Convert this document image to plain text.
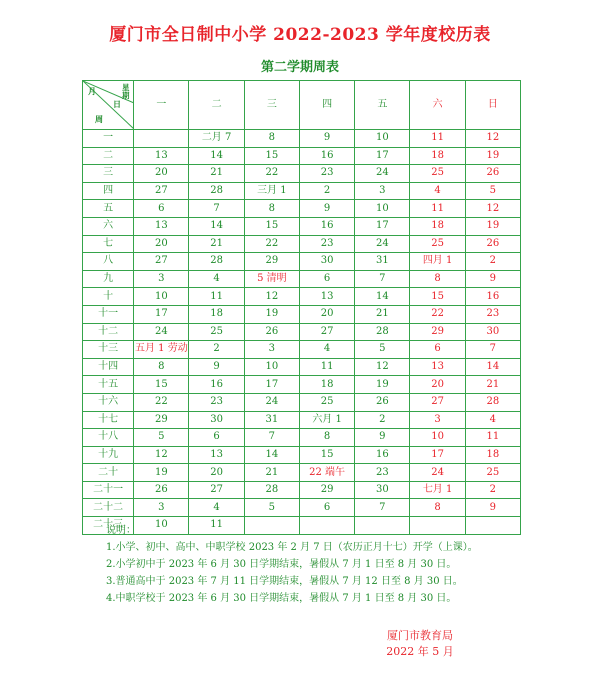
厦门市全日制中小学 2022-2023 学年度校历表
第二学期周表
月
日
周
星期	一	二	三	四	五	六	日
一		二月 7	8	9	10	11	12
二	13	14	15	16	17	18	19
三	20	21	22	23	24	25	26
四	27	28	三月 1	2	3	4	5
五	6	7	8	9	10	11	12
六	13	14	15	16	17	18	19
七	20	21	22	23	24	25	26
八	27	28	29	30	31	四月 1	2
九	3	4	5 清明	6	7	8	9
十	10	11	12	13	14	15	16
十一	17	18	19	20	21	22	23
十二	24	25	26	27	28	29	30
十三	五月 1 劳动	2	3	4	5	6	7
十四	8	9	10	11	12	13	14
十五	15	16	17	18	19	20	21
十六	22	23	24	25	26	27	28
十七	29	30	31	六月 1	2	3	4
十八	5	6	7	8	9	10	11
十九	12	13	14	15	16	17	18
二十	19	20	21	22 端午	23	24	25
二十一	26	27	28	29	30	七月 1	2
二十二	3	4	5	6	7	8	9
二十三	10	11					

说明：

1.小学、初中、高中、中职学校 2023 年 2 月 7 日（农历正月十七）开学（上课）。

2.小学初中于 2023 年 6 月 30 日学期结束，暑假从 7 月 1 日至 8 月 30 日。

3.普通高中于 2023 年 7 月 11 日学期结束，暑假从 7 月 12 日至 8 月 30 日。

4.中职学校于 2023 年 6 月 30 日学期结束，暑假从 7 月 1 日至 8 月 30 日。

厦门市教育局
2022 年 5 月
